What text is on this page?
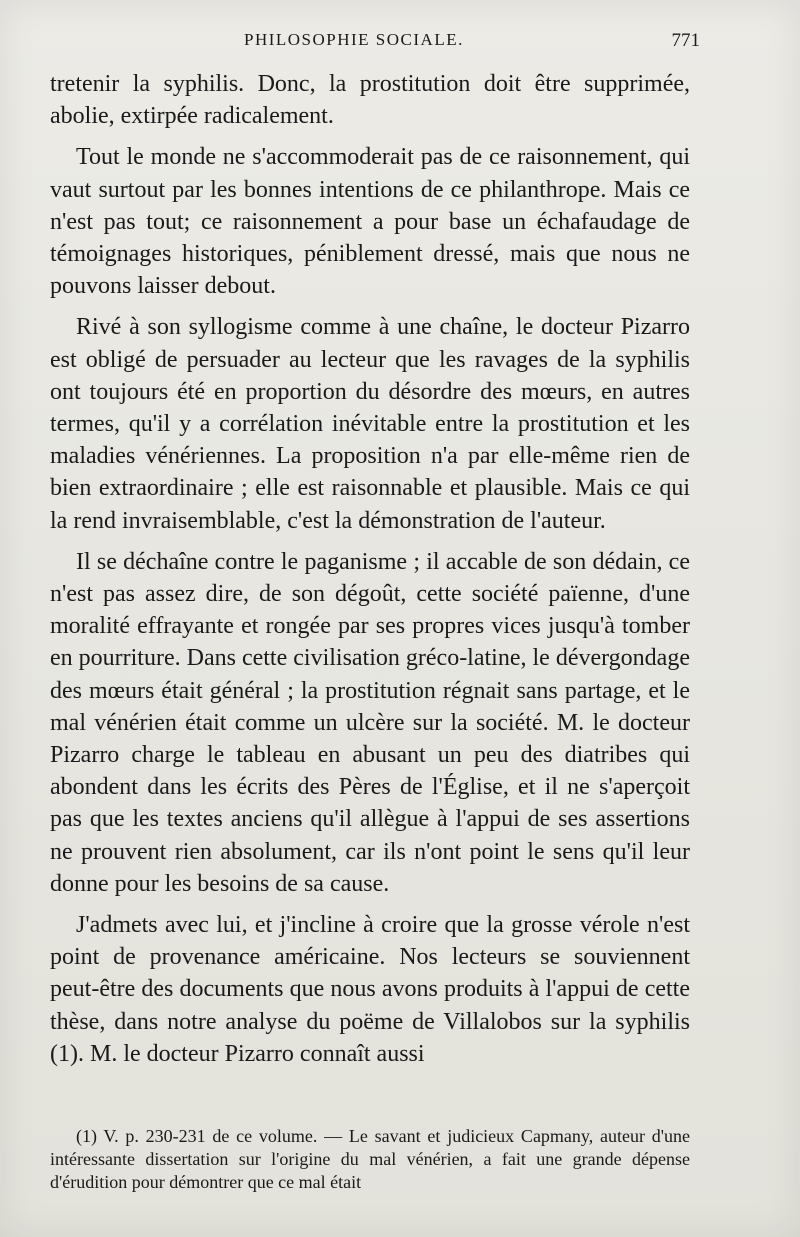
PHILOSOPHIE SOCIALE.	771

tretenir la syphilis. Donc, la prostitution doit être supprimée, abolie, extirpée radicalement.

Tout le monde ne s'accommoderait pas de ce raisonnement, qui vaut surtout par les bonnes intentions de ce philanthrope. Mais ce n'est pas tout; ce raisonnement a pour base un échafaudage de témoignages historiques, péniblement dressé, mais que nous ne pouvons laisser debout.

Rivé à son syllogisme comme à une chaîne, le docteur Pizarro est obligé de persuader au lecteur que les ravages de la syphilis ont toujours été en proportion du désordre des mœurs, en autres termes, qu'il y a corrélation inévitable entre la prostitution et les maladies vénériennes. La proposition n'a par elle-même rien de bien extraordinaire ; elle est raisonnable et plausible. Mais ce qui la rend invraisemblable, c'est la démonstration de l'auteur.

Il se déchaîne contre le paganisme ; il accable de son dédain, ce n'est pas assez dire, de son dégoût, cette société païenne, d'une moralité effrayante et rongée par ses propres vices jusqu'à tomber en pourriture. Dans cette civilisation gréco-latine, le dévergondage des mœurs était général ; la prostitution régnait sans partage, et le mal vénérien était comme un ulcère sur la société. M. le docteur Pizarro charge le tableau en abusant un peu des diatribes qui abondent dans les écrits des Pères de l'Église, et il ne s'aperçoit pas que les textes anciens qu'il allègue à l'appui de ses assertions ne prouvent rien absolument, car ils n'ont point le sens qu'il leur donne pour les besoins de sa cause.

J'admets avec lui, et j'incline à croire que la grosse vérole n'est point de provenance américaine. Nos lecteurs se souviennent peut-être des documents que nous avons produits à l'appui de cette thèse, dans notre analyse du poëme de Villalobos sur la syphilis (1). M. le docteur Pizarro connaît aussi

(1) V. p. 230-231 de ce volume. — Le savant et judicieux Capmany, auteur d'une intéressante dissertation sur l'origine du mal vénérien, a fait une grande dépense d'érudition pour démontrer que ce mal était
